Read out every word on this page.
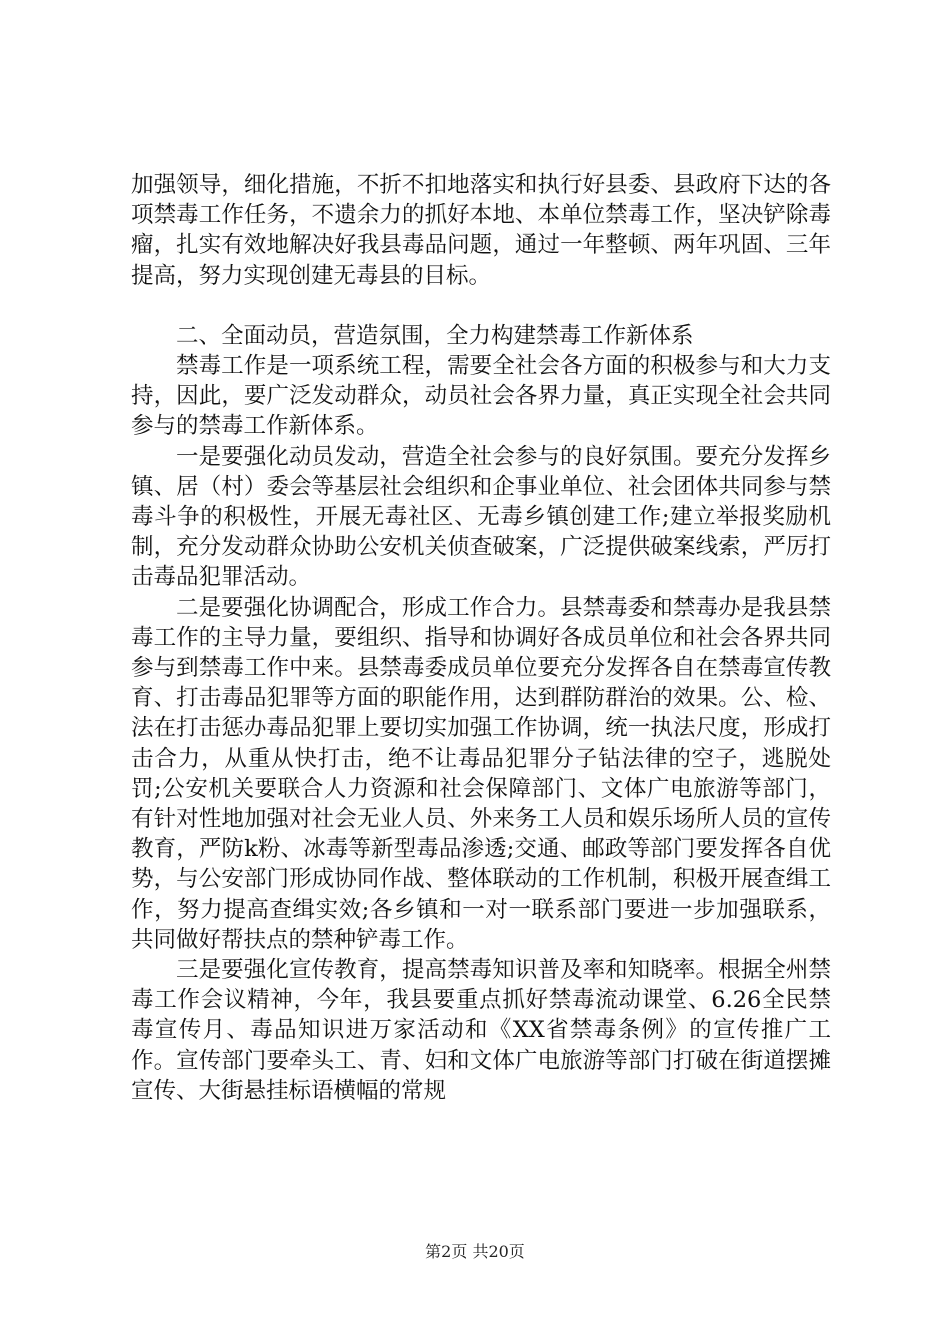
加强领导，细化措施，不折不扣地落实和执行好县委、县政府下达的各项禁毒工作任务，不遗余力的抓好本地、本单位禁毒工作，坚决铲除毒瘤，扎实有效地解决好我县毒品问题，通过一年整顿、两年巩固、三年提高，努力实现创建无毒县的目标。

二、全面动员，营造氛围，全力构建禁毒工作新体系

禁毒工作是一项系统工程，需要全社会各方面的积极参与和大力支持，因此，要广泛发动群众，动员社会各界力量，真正实现全社会共同参与的禁毒工作新体系。

一是要强化动员发动，营造全社会参与的良好氛围。要充分发挥乡镇、居（村）委会等基层社会组织和企事业单位、社会团体共同参与禁毒斗争的积极性，开展无毒社区、无毒乡镇创建工作;建立举报奖励机制，充分发动群众协助公安机关侦查破案，广泛提供破案线索，严厉打击毒品犯罪活动。

二是要强化协调配合，形成工作合力。县禁毒委和禁毒办是我县禁毒工作的主导力量，要组织、指导和协调好各成员单位和社会各界共同参与到禁毒工作中来。县禁毒委成员单位要充分发挥各自在禁毒宣传教育、打击毒品犯罪等方面的职能作用，达到群防群治的效果。公、检、法在打击惩办毒品犯罪上要切实加强工作协调，统一执法尺度，形成打击合力，从重从快打击，绝不让毒品犯罪分子钻法律的空子，逃脱处罚;公安机关要联合人力资源和社会保障部门、文体广电旅游等部门，有针对性地加强对社会无业人员、外来务工人员和娱乐场所人员的宣传教育，严防k粉、冰毒等新型毒品渗透;交通、邮政等部门要发挥各自优势，与公安部门形成协同作战、整体联动的工作机制，积极开展查缉工作，努力提高查缉实效;各乡镇和一对一联系部门要进一步加强联系，共同做好帮扶点的禁种铲毒工作。

三是要强化宣传教育，提高禁毒知识普及率和知晓率。根据全州禁毒工作会议精神，今年，我县要重点抓好禁毒流动课堂、6.26全民禁毒宣传月、毒品知识进万家活动和《XX省禁毒条例》的宣传推广工作。宣传部门要牵头工、青、妇和文体广电旅游等部门打破在街道摆摊宣传、大街悬挂标语横幅的常规

第2页 共20页
